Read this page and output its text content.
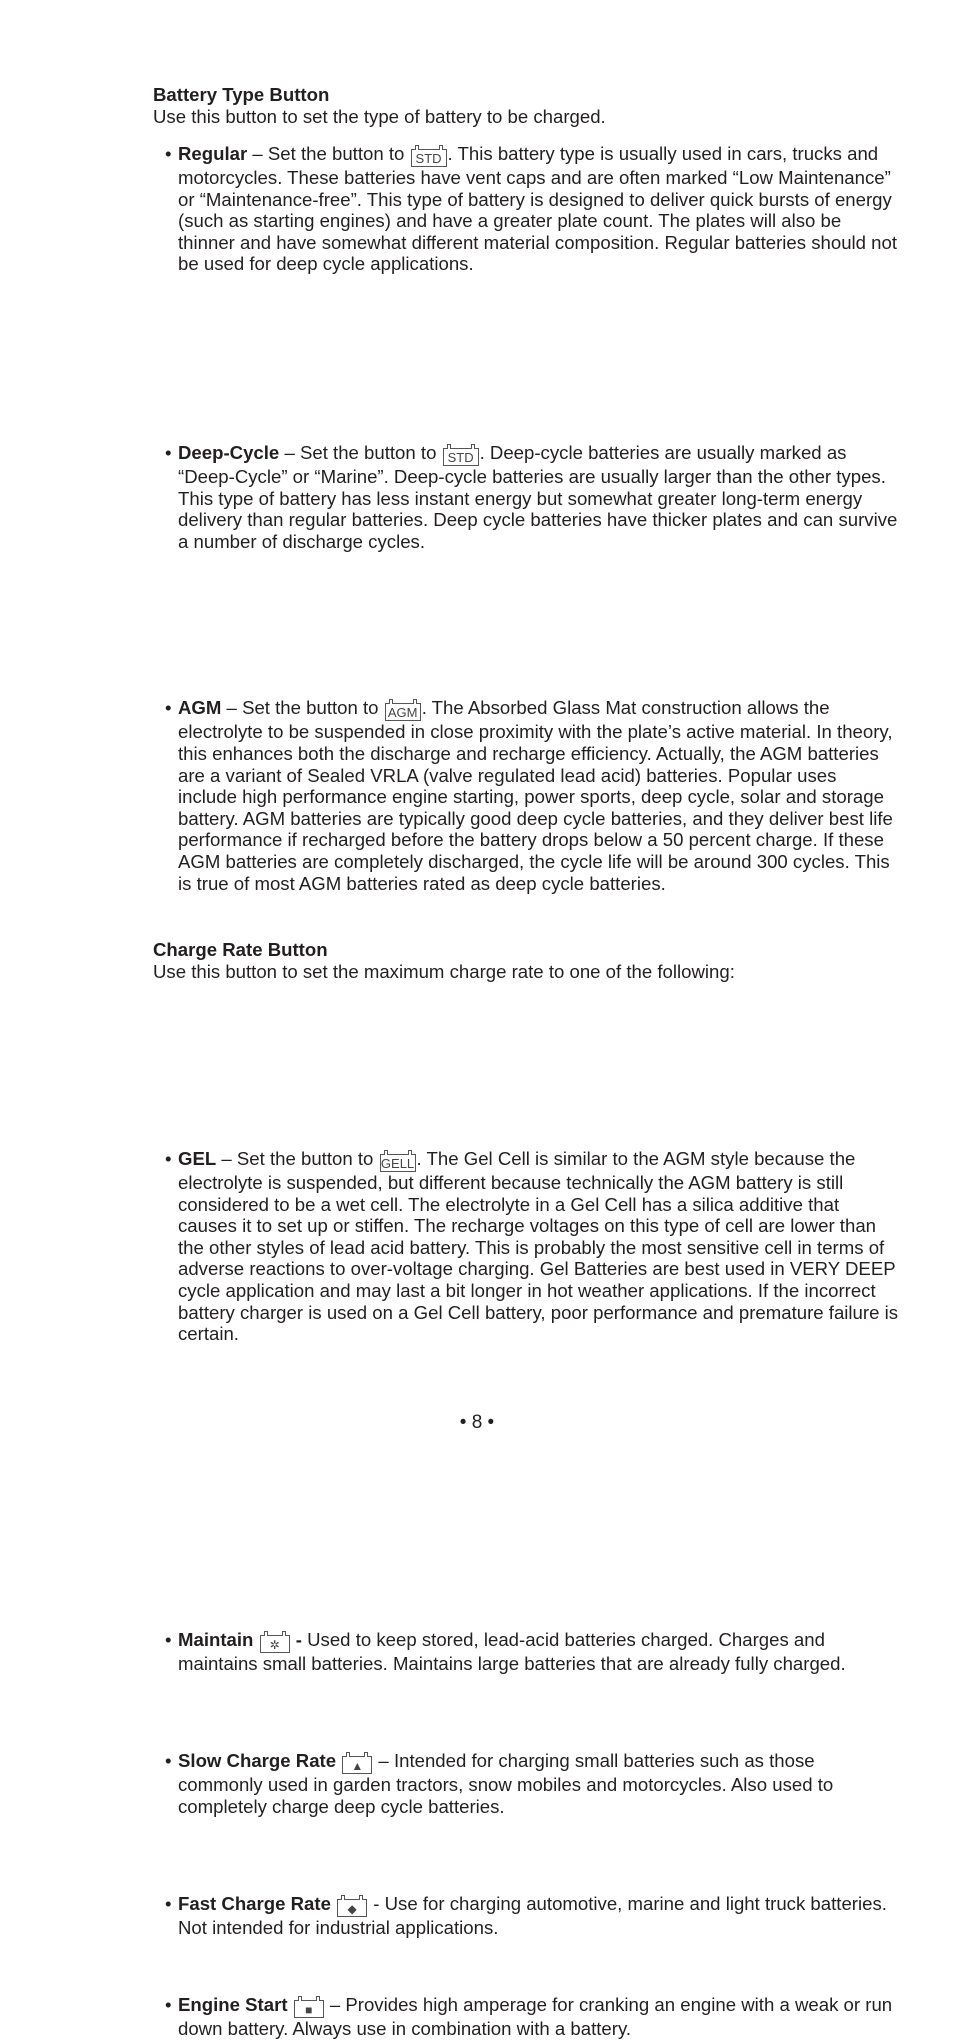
Battery Type Button
Use this button to set the type of battery to be charged.

• Regular – Set the button to STD . This battery type is usually used in cars, trucks and motorcycles. These batteries have vent caps and are often marked “Low Maintenance” or “Maintenance-free”. This type of battery is designed to deliver quick bursts of energy (such as starting engines) and have a greater plate count. The plates will also be thinner and have somewhat different material composition. Regular batteries should not be used for deep cycle applications.

• Deep-Cycle – Set the button to STD . Deep-cycle batteries are usually marked as “Deep-Cycle” or “Marine”. Deep-cycle batteries are usually larger than the other types. This type of battery has less instant energy but somewhat greater long-term energy delivery than regular batteries. Deep cycle batteries have thicker plates and can survive a number of discharge cycles.

• AGM – Set the button to AGM . The Absorbed Glass Mat construction allows the electrolyte to be suspended in close proximity with the plate’s active material. In theory, this enhances both the discharge and recharge efficiency. Actually, the AGM batteries are a variant of Sealed VRLA (valve regulated lead acid) batteries. Popular uses include high performance engine starting, power sports, deep cycle, solar and storage battery. AGM batteries are typically good deep cycle batteries, and they deliver best life performance if recharged before the battery drops below a 50 percent charge. If these AGM batteries are completely discharged, the cycle life will be around 300 cycles. This is true of most AGM batteries rated as deep cycle batteries.

• GEL – Set the button to GELL . The Gel Cell is similar to the AGM style because the electrolyte is suspended, but different because technically the AGM battery is still considered to be a wet cell. The electrolyte in a Gel Cell has a silica additive that causes it to set up or stiffen. The recharge voltages on this type of cell are lower than the other styles of lead acid battery. This is probably the most sensitive cell in terms of adverse reactions to over-voltage charging. Gel Batteries are best used in VERY DEEP cycle application and may last a bit longer in hot weather applications. If the incorrect battery charger is used on a Gel Cell battery, poor performance and premature failure is certain.

Charge Rate Button
Use this button to set the maximum charge rate to one of the following:

• Maintain ✲ - Used to keep stored, lead-acid batteries charged. Charges and maintains small batteries. Maintains large batteries that are already fully charged.

• Slow Charge Rate ▲ – Intended for charging small batteries such as those commonly used in garden tractors, snow mobiles and motorcycles. Also used to completely charge deep cycle batteries.

• Fast Charge Rate ◆ - Use for charging automotive, marine and light truck batteries. Not intended for industrial applications.

• Engine Start ■ – Provides high amperage for cranking an engine with a weak or run down battery. Always use in combination with a battery.

• 8 •
